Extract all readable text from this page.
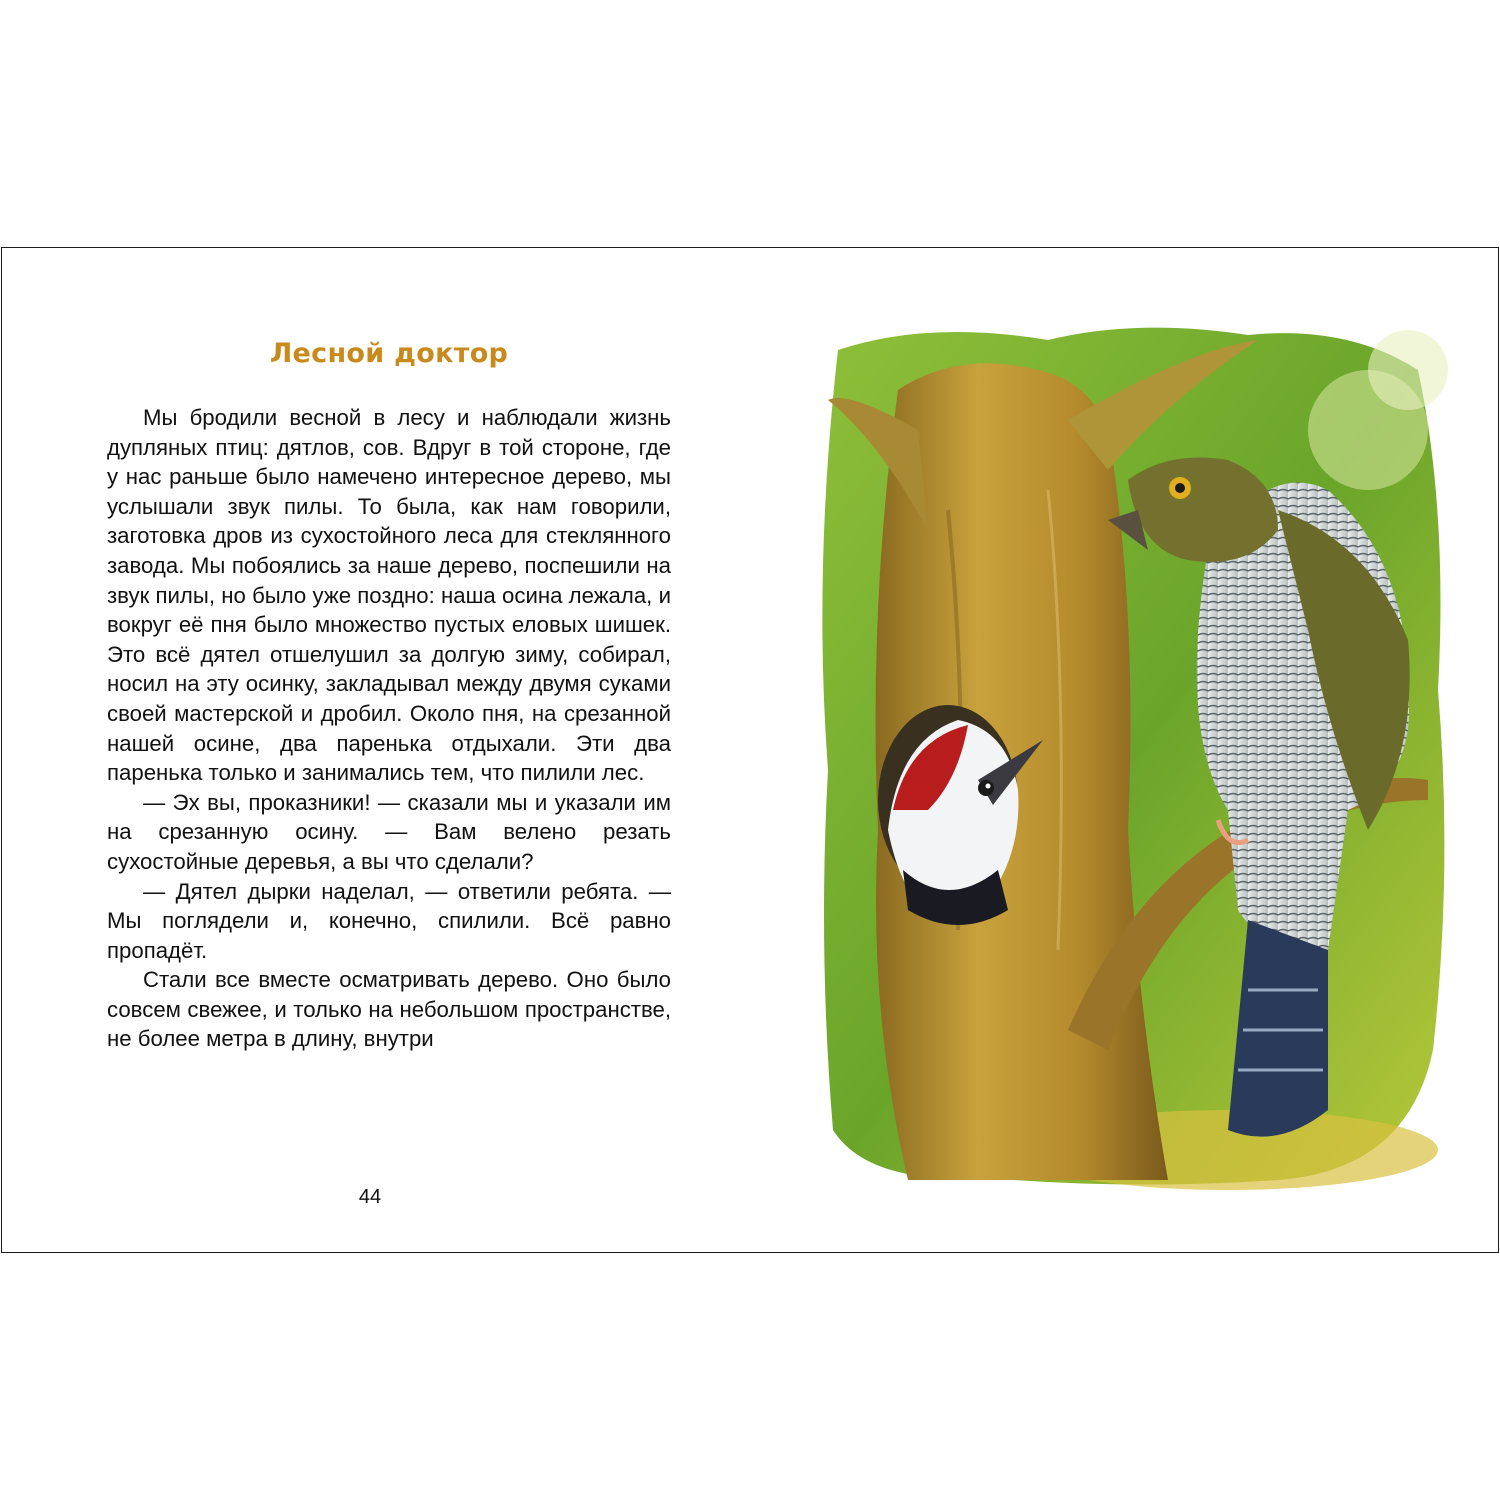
Лесной доктор

Мы бродили весной в лесу и наблюдали жизнь дупляных птиц: дятлов, сов. Вдруг в той стороне, где у нас раньше было намечено интересное дерево, мы услышали звук пилы. То была, как нам говорили, заготовка дров из сухостойного леса для стеклянного завода. Мы побоялись за наше дерево, поспешили на звук пилы, но было уже поздно: наша осина лежала, и вокруг её пня было множество пустых еловых шишек. Это всё дятел отшелушил за долгую зиму, собирал, носил на эту осинку, закладывал между двумя суками своей мастерской и дробил. Около пня, на срезанной нашей осине, два паренька отдыхали. Эти два паренька только и занимались тем, что пилили лес.

— Эх вы, проказники! — сказали мы и указали им на срезанную осину. — Вам велено резать сухостойные деревья, а вы что сделали?

— Дятел дырки наделал, — ответили ребята. — Мы поглядели и, конечно, спилили. Всё равно пропадёт.

Стали все вместе осматривать дерево. Оно было совсем свежее, и только на небольшом пространстве, не более метра в длину, внутри

44
